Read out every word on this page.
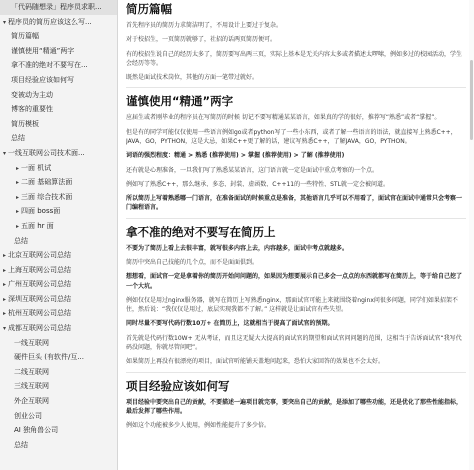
「代码随想录」程序员求职...
▾ 程序员的简历应该这么写...
简历篇幅
谨慎使用“精通”两字
拿不准的绝对不要写在...
项目经验应该如何写
变被动为主动
博客的重要性
简历模板
总结
▾ 一线互联网公司技术面...
▸ 一面 机试
▸ 二面 基础算法面
▸ 三面 综合技术面
▸ 四面 boss面
▸ 五面 hr 面
总结
▸ 北京互联网公司总结
▸ 上海互联网公司总结
▸ 广州互联网公司总结
▸ 深圳互联网公司总结
▸ 杭州互联网公司总结
▾ 成都互联网公司总结
一线互联网
硬件巨头 (有软件/互...
二线互联网
三线互联网
外企互联网
创业公司
AI 独角兽公司
总结
简历篇幅

首先程序员的简历力求简洁明了，不用设计上要过于复杂。

对于校招生，一页简历就够了，社招的话两页简历便可。

有的校招生说自己的经历太多了，简历要写出两三页，实际上基本是无关内容太多或者描述太啰嗦，例如多过的校园活动，学生会经历等等。

既然是面试技术岗位，其他的方面一笔带过就好。

谨慎使用“精通”两字

应届生或者刚毕业的程序员在写简历的时候 切记不要写精通某某语言，如果真的学的很好，推荐写“熟悉”或者“掌握”。

但是有的同学可能仅仅使用一些语言例如go或者python写了一些小东西，或者了解一些语言的语法，就直接写上熟悉C++，JAVA，GO，PYTHON，这是大忌，如果C++更了解的话，建议写熟悉C++，了解JAVA，GO，PYTHON。

词语的强烈程度：精通 > 熟悉 (推荐使用) > 掌握 (推荐使用) > 了解 (推荐使用)

还有就是心理准备，一旦我们写了熟悉某某语言，这门语言就一定是面试中重点考察的一个点。

例如写了熟悉C++，那么继承、多态、封装、虚函数、C++11的一些特性、STL就一定会被问道。

所以简历上写着熟悉哪一门语言，在准备面试的时候重点是准备，其他语言几乎可以不用看了，面试官在面试中通常只会考察一门编程语言。

拿不准的绝对不要写在简历上

不要为了简历上看上去很丰富，就写很多内容上去，内容越多，面试中考点就越多。

简历中突出自己技能的几个点，而不是面面俱到。

想想看，面试官一定是拿着你的简历开始问问题的，如果因为想要展示自己多会一点点的东西就都写在简历上，等于给自己挖了一个大坑。

例如仅仅是用过nginx服务器，就写在简历上写熟悉nginx，那面试官可能上来就围绕着nginx问很多问题，同学们如果招架不住，然后说：“我仅仅是用过，底层实现我都不了解。” 这样就是让面试官有些失望。

同时尽量不要写代码行数10万+ 在简历上，这就相当于提高了面试官的预期。

首先就是代码行数10W+ 无从考证，而且这无疑大大提高的面试官的期望和面试官问问题的范围，这相当于告诉面试官“我写代码没问题，你就尽管问吧”。

如果简历上再没有很漂亮的项目，面试官听能铺天盖地问起来，恐怕大家回答的效果也不会太好。

项目经验应该如何写

项目经验中要突出自己的贡献，不要描述一遍项目就完事，要突出自己的贡献，是添加了哪些功能，还是优化了那些性能指标，最后发挥了哪些作用。

例如这个功能被多少人使用，例如性能提升了多少倍。
